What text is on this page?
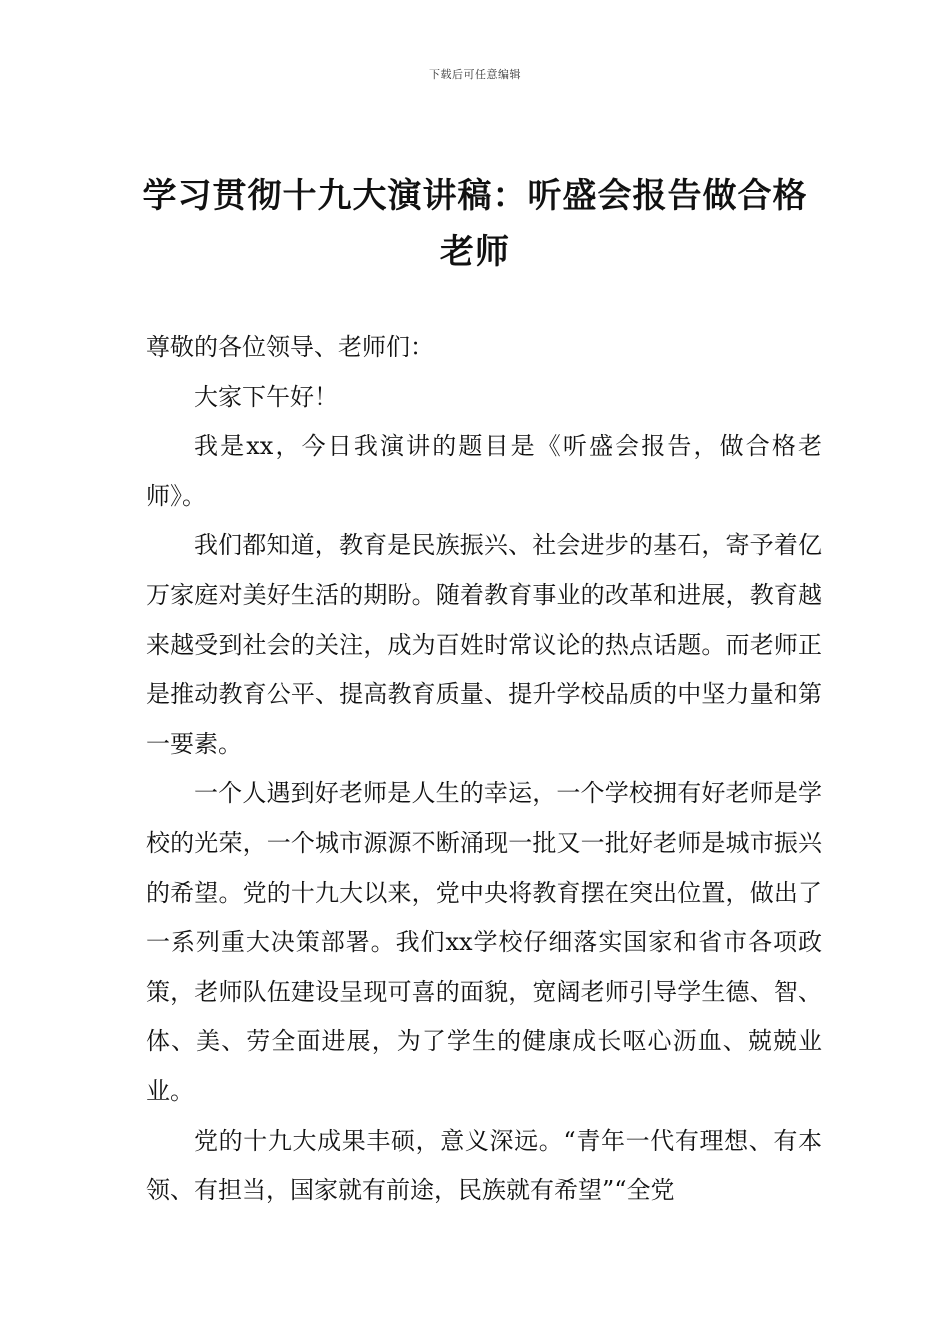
下载后可任意编辑
学习贯彻十九大演讲稿：听盛会报告做合格老师

尊敬的各位领导、老师们：

大家下午好！

我是xx，今日我演讲的题目是《听盛会报告，做合格老师》。

我们都知道，教育是民族振兴、社会进步的基石，寄予着亿万家庭对美好生活的期盼。随着教育事业的改革和进展，教育越来越受到社会的关注，成为百姓时常议论的热点话题。而老师正是推动教育公平、提高教育质量、提升学校品质的中坚力量和第一要素。

一个人遇到好老师是人生的幸运，一个学校拥有好老师是学校的光荣，一个城市源源不断涌现一批又一批好老师是城市振兴的希望。党的十九大以来，党中央将教育摆在突出位置，做出了一系列重大决策部署。我们xx学校仔细落实国家和省市各项政策，老师队伍建设呈现可喜的面貌，宽阔老师引导学生德、智、体、美、劳全面进展，为了学生的健康成长呕心沥血、兢兢业业。

党的十九大成果丰硕，意义深远。“青年一代有理想、有本领、有担当，国家就有前途，民族就有希望”“全党
